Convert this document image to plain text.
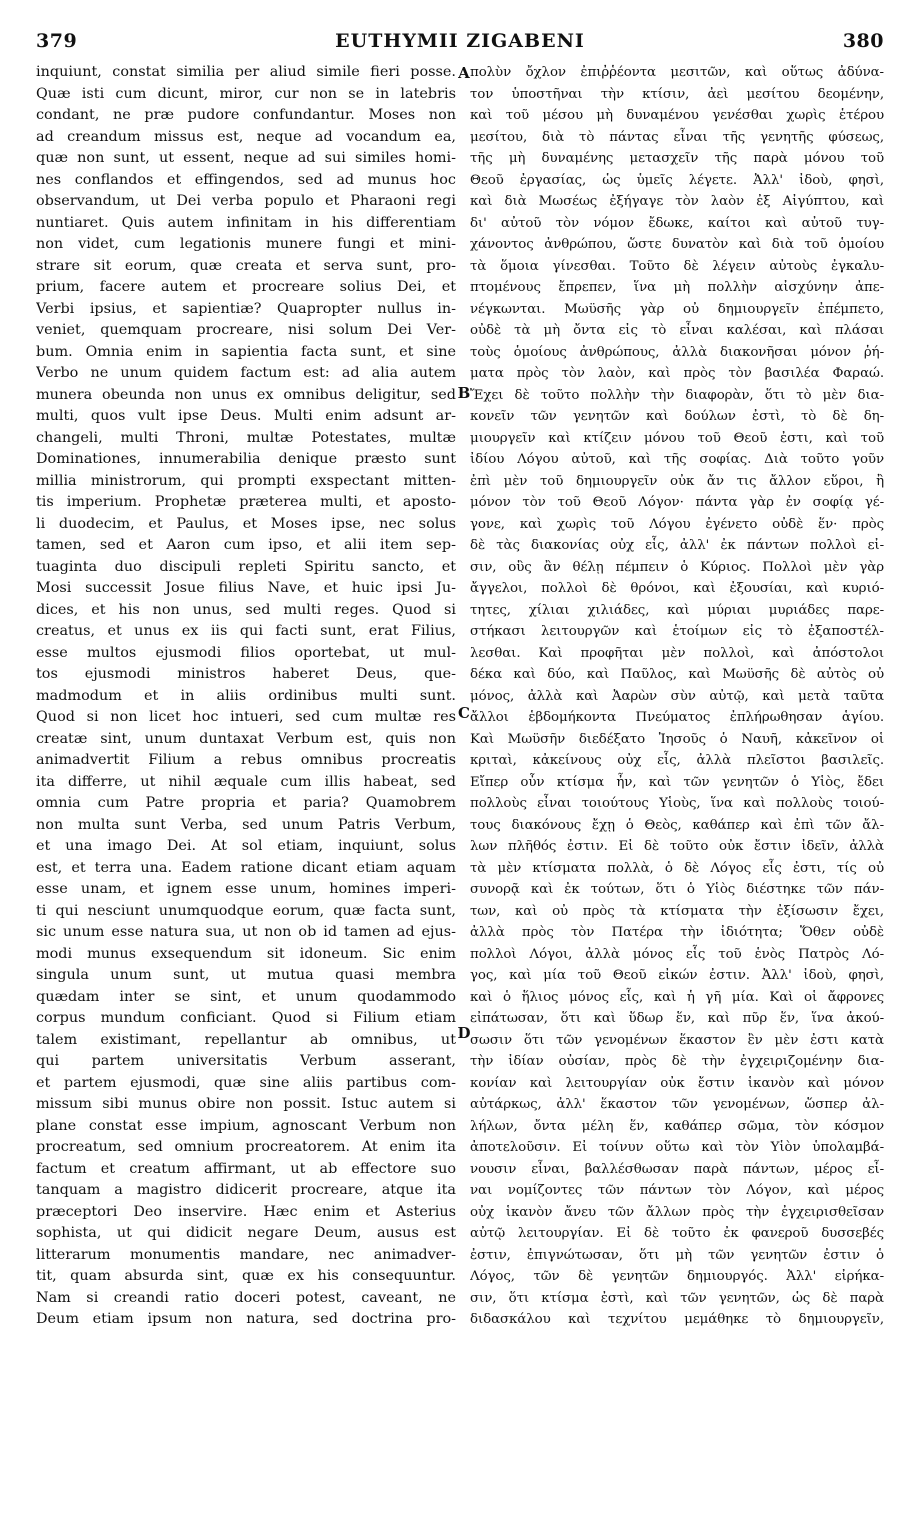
379	EUTHYMII ZIGABENI	380
inquiunt, constat similia per aliud simile fieri posse.
Quæ isti cum dicunt, miror, cur non se in latebris
condant, ne præ pudore confundantur. Moses non
ad creandum missus est, neque ad vocandum ea,
quæ non sunt, ut essent, neque ad sui similes homi-
nes conflandos et effingendos, sed ad munus hoc
observandum, ut Dei verba populo et Pharaoni regi
nuntiaret. Quis autem infinitam in his differentiam
non videt, cum legationis munere fungi et mini-
strare sit eorum, quæ creata et serva sunt, pro-
prium, facere autem et procreare solius Dei, et
Verbi ipsius, et sapientiæ? Quapropter nullus in-
veniet, quemquam procreare, nisi solum Dei Ver-
bum. Omnia enim in sapientia facta sunt, et sine
Verbo ne unum quidem factum est: ad alia autem
munera obeunda non unus ex omnibus deligitur, sed
multi, quos vult ipse Deus. Multi enim adsunt ar-
changeli, multi Throni, multæ Potestates, multæ
Dominationes, innumerabilia denique præsto sunt
millia ministrorum, qui prompti exspectant mitten-
tis imperium. Prophetæ præterea multi, et aposto-
li duodecim, et Paulus, et Moses ipse, nec solus
tamen, sed et Aaron cum ipso, et alii item sep-
tuaginta duo discipuli repleti Spiritu sancto, et
Mosi successit Josue filius Nave, et huic ipsi Ju-
dices, et his non unus, sed multi reges. Quod si
creatus, et unus ex iis qui facti sunt, erat Filius,
esse multos ejusmodi filios oportebat, ut mul-
tos ejusmodi ministros haberet Deus, que-
madmodum et in aliis ordinibus multi sunt.
Quod si non licet hoc intueri, sed cum multæ res
creatæ sint, unum duntaxat Verbum est, quis non
animadvertit Filium a rebus omnibus procreatis
ita differre, ut nihil æquale cum illis habeat, sed
omnia cum Patre propria et paria? Quamobrem
non multa sunt Verba, sed unum Patris Verbum,
et una imago Dei. At sol etiam, inquiunt, solus
est, et terra una. Eadem ratione dicant etiam aquam
esse unam, et ignem esse unum, homines imperi-
ti qui nesciunt unumquodque eorum, quæ facta sunt,
sic unum esse natura sua, ut non ob id tamen ad ejus-
modi munus exsequendum sit idoneum. Sic enim
singula unum sunt, ut mutua quasi membra
quædam inter se sint, et unum quodammodo
corpus mundum conficiant. Quod si Filium etiam
talem existimant, repellantur ab omnibus, ut
qui partem universitatis Verbum asserant,
et partem ejusmodi, quæ sine aliis partibus com-
missum sibi munus obire non possit. Istuc autem si
plane constat esse impium, agnoscant Verbum non
procreatum, sed omnium procreatorem. At enim ita
factum et creatum affirmant, ut ab effectore suo
tanquam a magistro didicerit procreare, atque ita
præceptori Deo inservire. Hæc enim et Asterius
sophista, ut qui didicit negare Deum, ausus est
litterarum monumentis mandare, nec animadver-
tit, quam absurda sint, quæ ex his consequuntur.
Nam si creandi ratio doceri potest, caveant, ne
Deum etiam ipsum non natura, sed doctrina pro-
πολὺν ὄχλον ἐπιῤῥέοντα μεσιτῶν, καὶ οὕτως ἀδύνα-
τον ὑποστῆναι τὴν κτίσιν, ἀεὶ μεσίτου δεομένην,
καὶ τοῦ μέσου μὴ δυναμένου γενέσθαι χωρὶς ἑτέρου
μεσίτου, διὰ τὸ πάντας εἶναι τῆς γενητῆς φύσεως,
τῆς μὴ δυναμένης μετασχεῖν τῆς παρὰ μόνου τοῦ
Θεοῦ ἐργασίας, ὡς ὑμεῖς λέγετε. Ἀλλ' ἰδοὺ, φησὶ,
καὶ διὰ Μωσέως ἐξήγαγε τὸν λαὸν ἐξ Αἰγύπτου, καὶ
δι' αὐτοῦ τὸν νόμον ἔδωκε, καίτοι καὶ αὐτοῦ τυγ-
χάνοντος ἀνθρώπου, ὥστε δυνατὸν καὶ διὰ τοῦ ὁμοίου
τὰ ὅμοια γίνεσθαι. Τοῦτο δὲ λέγειν αὐτοὺς ἐγκαλυ-
πτομένους ἔπρεπεν, ἵνα μὴ πολλὴν αἰσχύνην ἀπε-
νέγκωνται. Μωϋσῆς γὰρ οὐ δημιουργεῖν ἐπέμπετο,
οὐδὲ τὰ μὴ ὄντα εἰς τὸ εἶναι καλέσαι, καὶ πλάσαι
τοὺς ὁμοίους ἀνθρώπους, ἀλλὰ διακονῆσαι μόνον ῥή-
ματα πρὸς τὸν λαὸν, καὶ πρὸς τὸν βασιλέα Φαραώ.
Ἔχει δὲ τοῦτο πολλὴν τὴν διαφορὰν, ὅτι τὸ μὲν δια-
κονεῖν τῶν γενητῶν καὶ δούλων ἐστὶ, τὸ δὲ δη-
μιουργεῖν καὶ κτίζειν μόνου τοῦ Θεοῦ ἐστι, καὶ τοῦ
ἰδίου Λόγου αὐτοῦ, καὶ τῆς σοφίας. Διὰ τοῦτο γοῦν
ἐπὶ μὲν τοῦ δημιουργεῖν οὐκ ἄν τις ἄλλον εὕροι, ἢ
μόνον τὸν τοῦ Θεοῦ Λόγον· πάντα γὰρ ἐν σοφίᾳ γέ-
γονε, καὶ χωρὶς τοῦ Λόγου ἐγένετο οὐδὲ ἕν· πρὸς
δὲ τὰς διακονίας οὐχ εἷς, ἀλλ' ἐκ πάντων πολλοὶ εἰ-
σιν, οὓς ἂν θέλῃ πέμπειν ὁ Κύριος. Πολλοὶ μὲν γὰρ
ἄγγελοι, πολλοὶ δὲ θρόνοι, καὶ ἐξουσίαι, καὶ κυριό-
τητες, χίλιαι χιλιάδες, καὶ μύριαι μυριάδες παρε-
στήκασι λειτουργῶν καὶ ἑτοίμων εἰς τὸ ἐξαποστέλ-
λεσθαι. Καὶ προφῆται μὲν πολλοὶ, καὶ ἀπόστολοι
δέκα καὶ δύο, καὶ Παῦλος, καὶ Μωϋσῆς δὲ αὐτὸς οὐ
μόνος, ἀλλὰ καὶ Ἀαρὼν σὺν αὐτῷ, καὶ μετὰ ταῦτα
ἄλλοι ἑβδομήκοντα Πνεύματος ἐπλήρωθησαν ἁγίου.
Καὶ Μωϋσῆν διεδέξατο Ἰησοῦς ὁ Ναυῆ, κἀκεῖνον οἱ
κριταὶ, κἀκείνους οὐχ εἷς, ἀλλὰ πλεῖστοι βασιλεῖς.
Εἴπερ οὖν κτίσμα ἦν, καὶ τῶν γενητῶν ὁ Υἱὸς, ἔδει
πολλοὺς εἶναι τοιούτους Υἱοὺς, ἵνα καὶ πολλοὺς τοιού-
τους διακόνους ἔχῃ ὁ Θεὸς, καθάπερ καὶ ἐπὶ τῶν ἄλ-
λων πλῆθός ἐστιν. Εἰ δὲ τοῦτο οὐκ ἔστιν ἰδεῖν, ἀλλὰ
τὰ μὲν κτίσματα πολλὰ, ὁ δὲ Λόγος εἷς ἐστι, τίς οὐ
συνορᾷ καὶ ἐκ τούτων, ὅτι ὁ Υἱὸς διέστηκε τῶν πάν-
των, καὶ οὐ πρὸς τὰ κτίσματα τὴν ἐξίσωσιν ἔχει,
ἀλλὰ πρὸς τὸν Πατέρα τὴν ἰδιότητα; Ὅθεν οὐδὲ
πολλοὶ Λόγοι, ἀλλὰ μόνος εἷς τοῦ ἑνὸς Πατρὸς Λό-
γος, καὶ μία τοῦ Θεοῦ εἰκών ἐστιν. Ἀλλ' ἰδοὺ, φησὶ,
καὶ ὁ ἥλιος μόνος εἷς, καὶ ἡ γῆ μία. Καὶ οἱ ἄφρονες
εἰπάτωσαν, ὅτι καὶ ὕδωρ ἕν, καὶ πῦρ ἕν, ἵνα ἀκού-
σωσιν ὅτι τῶν γενομένων ἕκαστον ἓν μὲν ἐστι κατὰ
τὴν ἰδίαν οὐσίαν, πρὸς δὲ τὴν ἐγχειριζομένην δια-
κονίαν καὶ λειτουργίαν οὐκ ἔστιν ἱκανὸν καὶ μόνον
αὐτάρκως, ἀλλ' ἕκαστον τῶν γενομένων, ὥσπερ ἀλ-
λήλων, ὄντα μέλη ἕν, καθάπερ σῶμα, τὸν κόσμον
ἀποτελοῦσιν. Εἰ τοίνυν οὕτω καὶ τὸν Υἱὸν ὑπολαμβά-
νουσιν εἶναι, βαλλέσθωσαν παρὰ πάντων, μέρος εἶ-
ναι νομίζοντες τῶν πάντων τὸν Λόγον, καὶ μέρος
οὐχ ἱκανὸν ἄνευ τῶν ἄλλων πρὸς τὴν ἐγχειρισθεῖσαν
αὐτῷ λειτουργίαν. Εἰ δὲ τοῦτο ἐκ φανεροῦ δυσσεβές
ἐστιν, ἐπιγνώτωσαν, ὅτι μὴ τῶν γενητῶν ἐστιν ὁ
Λόγος, τῶν δὲ γενητῶν δημιουργός. Ἀλλ' εἰρήκα-
σιν, ὅτι κτίσμα ἐστὶ, καὶ τῶν γενητῶν, ὡς δὲ παρὰ
διδασκάλου καὶ τεχνίτου μεμάθηκε τὸ δημιουργεῖν,
A
B
C
D
